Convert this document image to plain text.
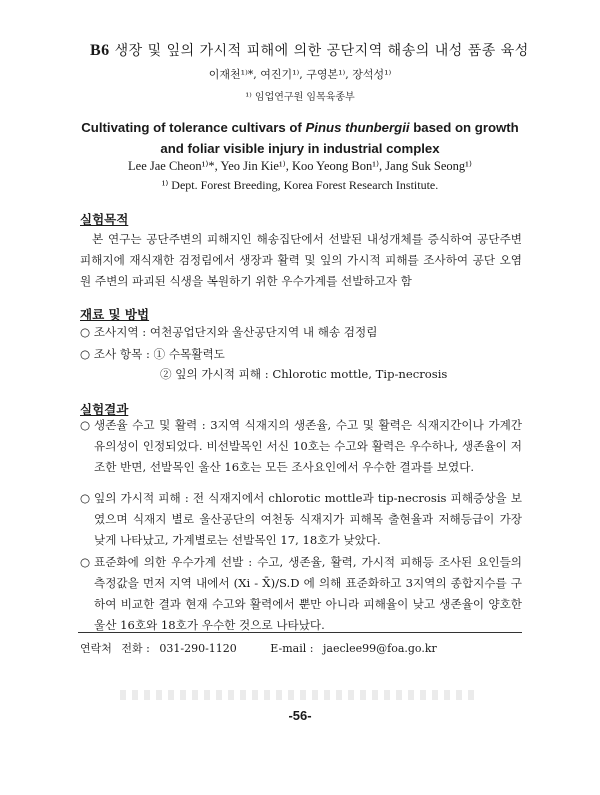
B6 생장 및 잎의 가시적 피해에 의한 공단지역 해송의 내성 품종 육성
이재천¹⁾*, 여진기¹⁾, 구영본¹⁾, 장석성¹⁾
¹⁾ 임업연구원 임목육종부
Cultivating of tolerance cultivars of Pinus thunbergii based on growth
and foliar visible injury in industrial complex
Lee Jae Cheon¹⁾*, Yeo Jin Kie¹⁾, Koo Yeong Bon¹⁾, Jang Suk Seong¹⁾
¹⁾ Dept. Forest Breeding, Korea Forest Research Institute.
실험목적
본 연구는 공단주변의 피해지인 해송집단에서 선발된 내성개체를 증식하여 공단주변 피해지에 재식재한 검정림에서 생장과 활력 및 잎의 가시적 피해를 조사하여 공단 오염원 주변의 파괴된 식생을 복원하기 위한 우수가계를 선발하고자 함
재료 및 방법
○ 조사지역 : 여천공업단지와 울산공단지역 내 해송 검정림
○ 조사 항목 : ① 수목활력도
② 잎의 가시적 피해 : Chlorotic mottle, Tip-necrosis
실험결과
○ 생존율 수고 및 활력 : 3지역 식재지의 생존율, 수고 및 활력은 식재지간이나 가계간 유의성이 인정되었다. 비선발목인 서신 10호는 수고와 활력은 우수하나, 생존율이 저조한 반면, 선발목인 울산 16호는 모든 조사요인에서 우수한 결과를 보였다.
○ 잎의 가시적 피해 : 전 식재지에서 chlorotic mottle과 tip-necrosis 피해증상을 보였으며 식재지 별로 울산공단의 여천동 식재지가 피해목 출현율과 저해등급이 가장 낮게 나타났고, 가계별로는 선발목인 17, 18호가 낮았다.
○ 표준화에 의한 우수가계 선발 : 수고, 생존율, 활력, 가시적 피해등 조사된 요인들의 측정값을 먼저 지역 내에서 (Xi - X̄)/S.D 에 의해 표준화하고 3지역의 종합지수를 구하여 비교한 결과 현재 수고와 활력에서 뿐만 아니라 피해율이 낮고 생존율이 양호한 울산 16호와 18호가 우수한 것으로 나타났다.
연락처 전화 : 031-290-1120	E-mail : jaeclee99@foa.go.kr
-56-
